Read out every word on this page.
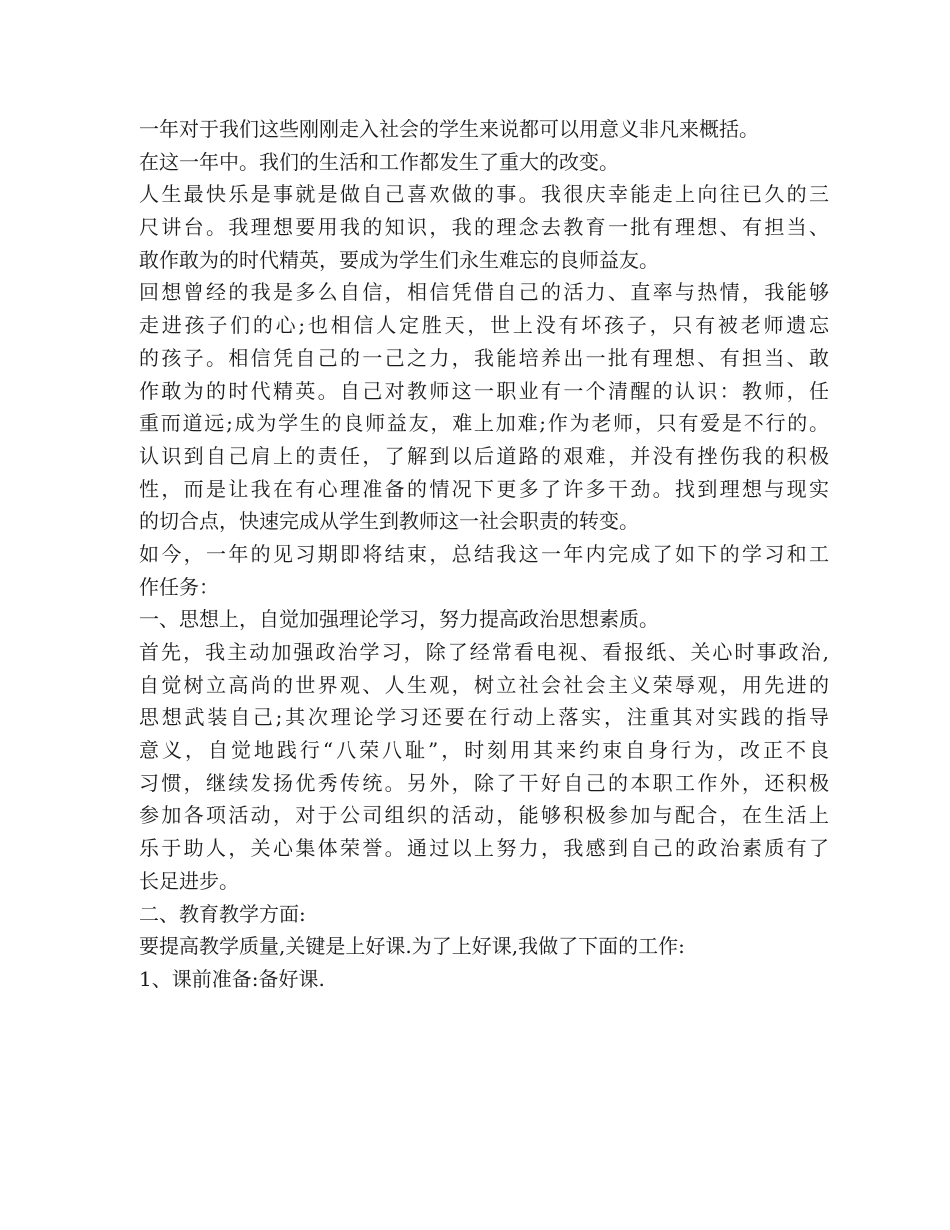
一年对于我们这些刚刚走入社会的学生来说都可以用意义非凡来概括。
在这一年中。我们的生活和工作都发生了重大的改变。
人生最快乐是事就是做自己喜欢做的事。我很庆幸能走上向往已久的三
尺讲台。我理想要用我的知识，我的理念去教育一批有理想、有担当、
敢作敢为的时代精英，要成为学生们永生难忘的良师益友。
回想曾经的我是多么自信，相信凭借自己的活力、直率与热情，我能够
走进孩子们的心;也相信人定胜天，世上没有坏孩子，只有被老师遗忘
的孩子。相信凭自己的一己之力，我能培养出一批有理想、有担当、敢
作敢为的时代精英。自己对教师这一职业有一个清醒的认识：教师，任
重而道远;成为学生的良师益友，难上加难;作为老师，只有爱是不行的。
认识到自己肩上的责任，了解到以后道路的艰难，并没有挫伤我的积极
性，而是让我在有心理准备的情况下更多了许多干劲。找到理想与现实
的切合点，快速完成从学生到教师这一社会职责的转变。
如今，一年的见习期即将结束，总结我这一年内完成了如下的学习和工
作任务：
一、思想上，自觉加强理论学习，努力提高政治思想素质。
首先，我主动加强政治学习，除了经常看电视、看报纸、关心时事政治,
自觉树立高尚的世界观、人生观，树立社会社会主义荣辱观，用先进的
思想武装自己;其次理论学习还要在行动上落实，注重其对实践的指导
意义，自觉地践行“八荣八耻”，时刻用其来约束自身行为，改正不良
习惯，继续发扬优秀传统。另外，除了干好自己的本职工作外，还积极
参加各项活动，对于公司组织的活动，能够积极参加与配合，在生活上
乐于助人，关心集体荣誉。通过以上努力，我感到自己的政治素质有了
长足进步。
二、教育教学方面:
要提高教学质量,关键是上好课.为了上好课,我做了下面的工作:
1、课前准备:备好课.
